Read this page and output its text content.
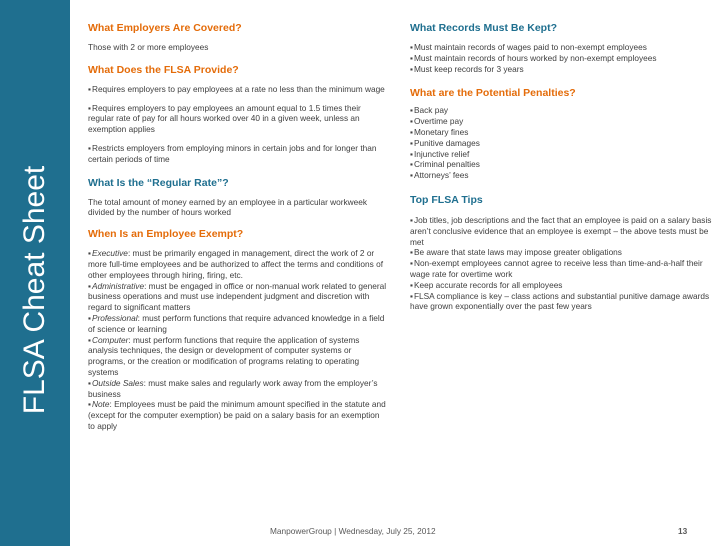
FLSA Cheat Sheet

What Employers Are Covered?

Those with 2 or more employees

What Does the FLSA Provide?

▪ Requires employers to pay employees at a rate no less than the minimum wage
▪ Requires employers to pay employees an amount equal to 1.5 times their regular rate of pay for all hours worked over 40 in a given week, unless an exemption applies
▪ Restricts employers from employing minors in certain jobs and for longer than certain periods of time

What Is the “Regular Rate”?

The total amount of money earned by an employee in a particular workweek divided by the number of hours worked

When Is an Employee Exempt?

▪ Executive: must be primarily engaged in management, direct the work of 2 or more full-time employees and be authorized to affect the terms and conditions of other employees through hiring, firing, etc.
▪ Administrative: must be engaged in office or non-manual work related to general business operations and must use independent judgment and discretion with regard to significant matters
▪ Professional: must perform functions that require advanced knowledge in a field of science or learning
▪ Computer: must perform functions that require the application of systems analysis techniques, the design or development of computer systems or programs, or the creation or modification of programs relating to operating systems
▪ Outside Sales: must make sales and regularly work away from the employer’s business
▪ Note: Employees must be paid the minimum amount specified in the statute and (except for the computer exemption) be paid on a salary basis for an exemption to apply

What Records Must Be Kept?

▪ Must maintain records of wages paid to non-exempt employees
▪ Must maintain records of hours worked by non-exempt employees
▪ Must keep records for 3 years

What are the Potential Penalties?

▪ Back pay
▪ Overtime pay
▪ Monetary fines
▪ Punitive damages
▪ Injunctive relief
▪ Criminal penalties
▪ Attorneys’ fees

Top FLSA Tips

▪ Job titles, job descriptions and the fact that an employee is paid on a salary basis aren’t conclusive evidence that an employee is exempt – the above tests must be met
▪ Be aware that state laws may impose greater obligations
▪ Non-exempt employees cannot agree to receive less than time-and-a-half their wage rate for overtime work
▪ Keep accurate records for all employees
▪ FLSA compliance is key – class actions and substantial punitive damage awards have grown exponentially over the past few years
ManpowerGroup | Wednesday, July 25, 2012	13
